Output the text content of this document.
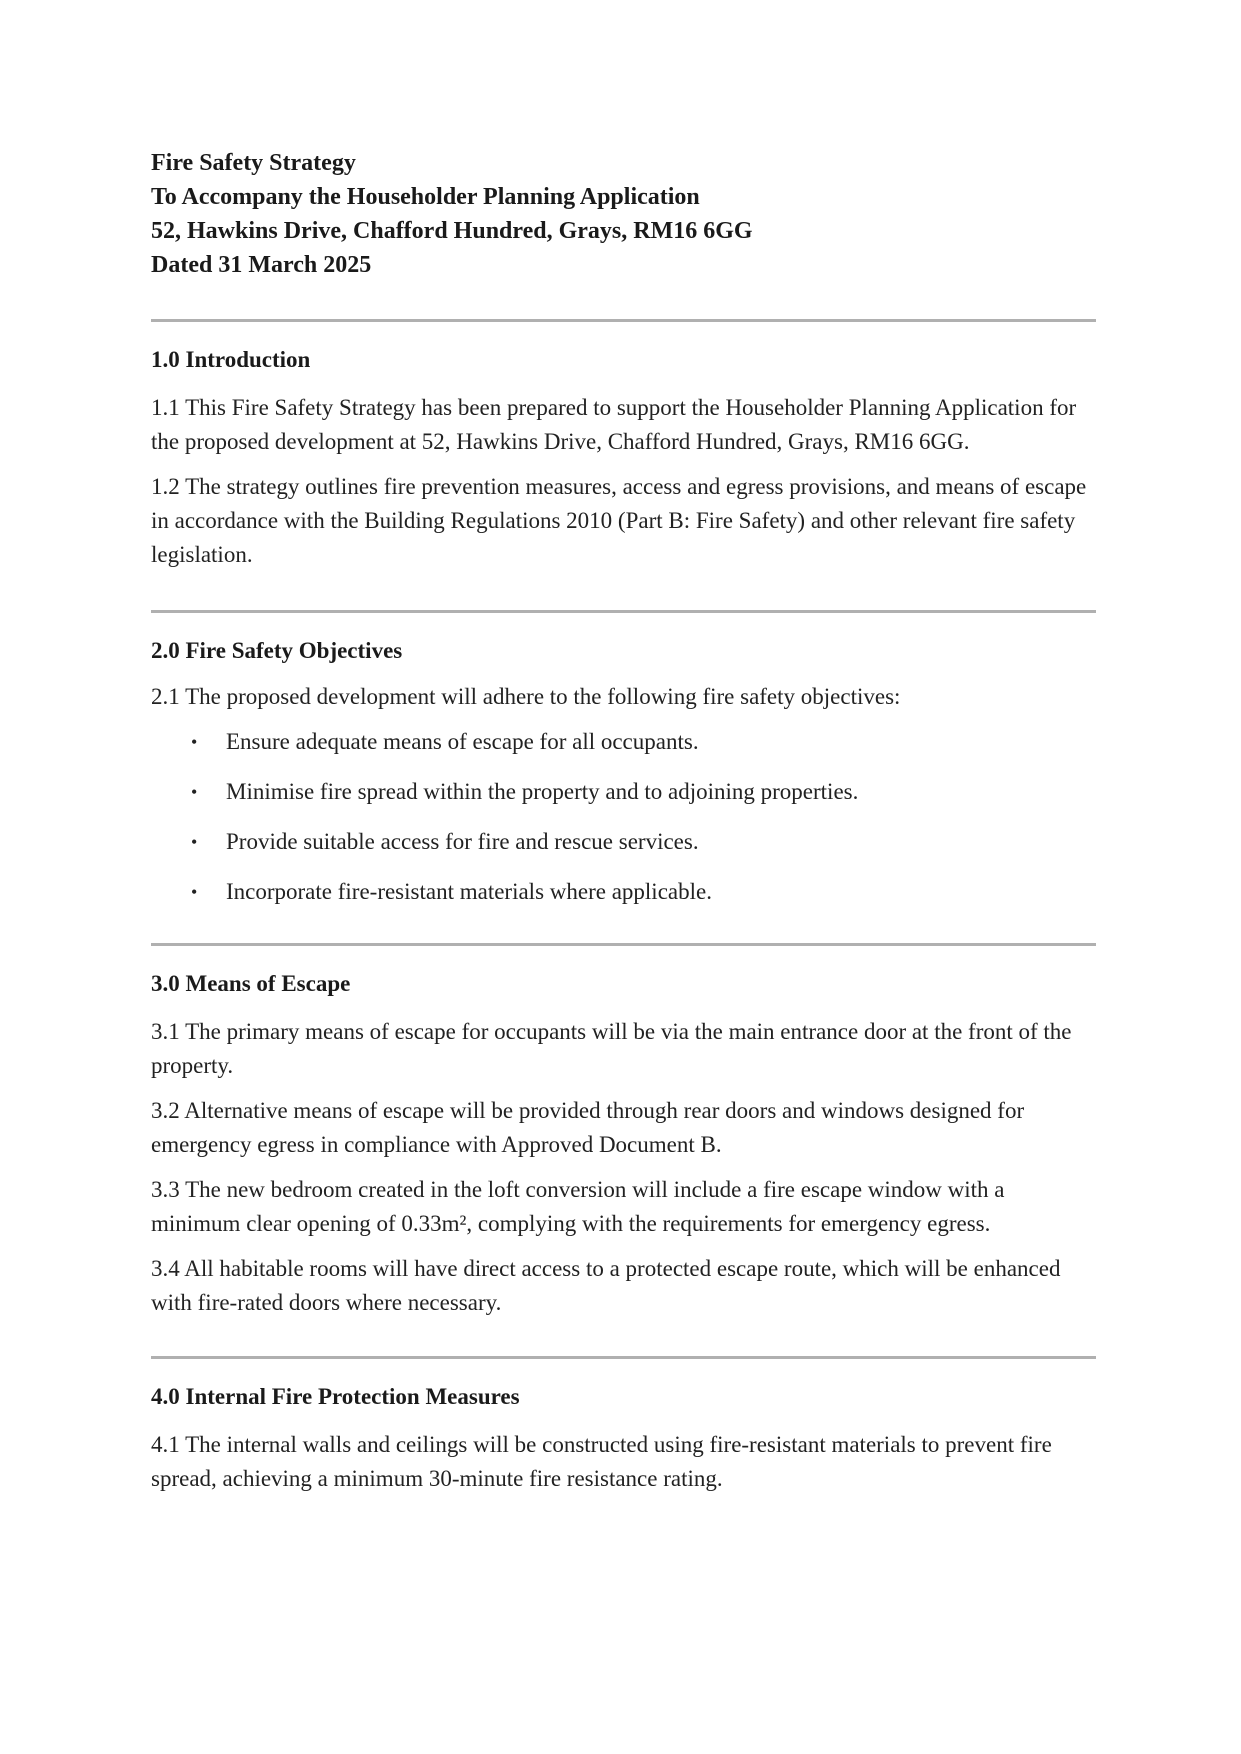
Fire Safety Strategy
To Accompany the Householder Planning Application
52, Hawkins Drive, Chafford Hundred, Grays, RM16 6GG
Dated 31 March 2025
1.0 Introduction

1.1 This Fire Safety Strategy has been prepared to support the Householder Planning Application for the proposed development at 52, Hawkins Drive, Chafford Hundred, Grays, RM16 6GG.

1.2 The strategy outlines fire prevention measures, access and egress provisions, and means of escape in accordance with the Building Regulations 2010 (Part B: Fire Safety) and other relevant fire safety legislation.

2.0 Fire Safety Objectives

2.1 The proposed development will adhere to the following fire safety objectives:

• Ensure adequate means of escape for all occupants.
• Minimise fire spread within the property and to adjoining properties.
• Provide suitable access for fire and rescue services.
• Incorporate fire-resistant materials where applicable.
3.0 Means of Escape

3.1 The primary means of escape for occupants will be via the main entrance door at the front of the property.

3.2 Alternative means of escape will be provided through rear doors and windows designed for emergency egress in compliance with Approved Document B.

3.3 The new bedroom created in the loft conversion will include a fire escape window with a minimum clear opening of 0.33m², complying with the requirements for emergency egress.

3.4 All habitable rooms will have direct access to a protected escape route, which will be enhanced with fire-rated doors where necessary.

4.0 Internal Fire Protection Measures

4.1 The internal walls and ceilings will be constructed using fire-resistant materials to prevent fire spread, achieving a minimum 30-minute fire resistance rating.
